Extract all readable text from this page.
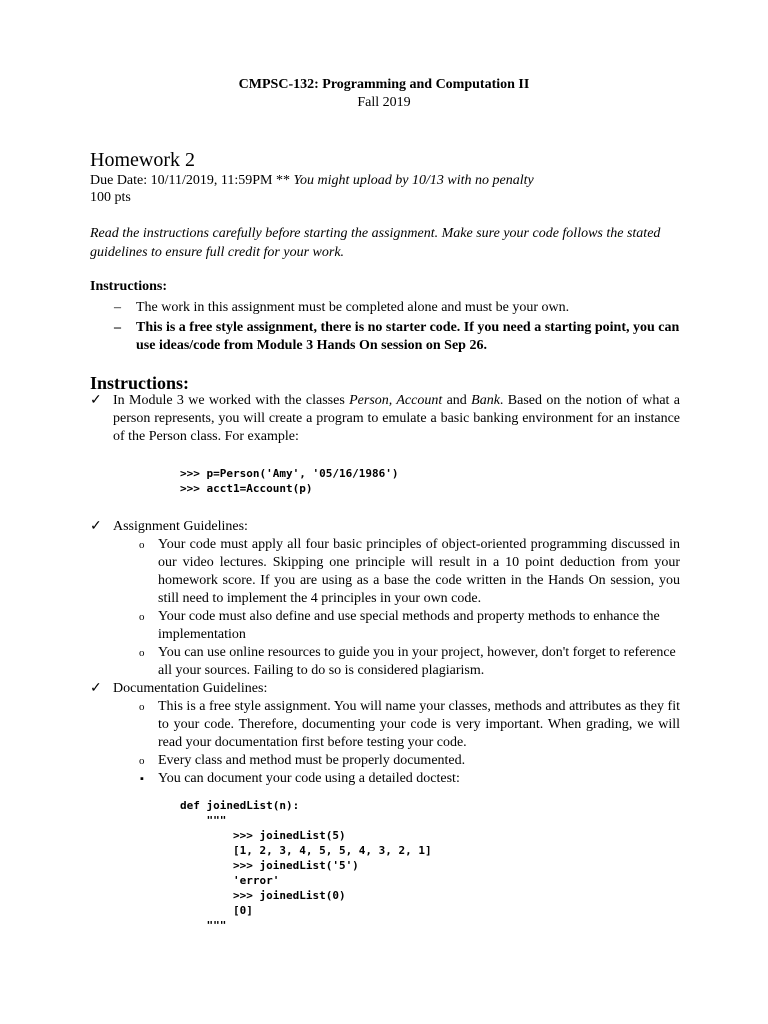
CMPSC-132: Programming and Computation II
Fall 2019
Homework 2
Due Date: 10/11/2019, 11:59PM ** You might upload by 10/13 with no penalty
100 pts
Read the instructions carefully before starting the assignment. Make sure your code follows the stated guidelines to ensure full credit for your work.
Instructions:
– The work in this assignment must be completed alone and must be your own.
– This is a free style assignment, there is no starter code. If you need a starting point, you can use ideas/code from Module 3 Hands On session on Sep 26.
Instructions:
✓ In Module 3 we worked with the classes Person, Account and Bank. Based on the notion of what a person represents, you will create a program to emulate a basic banking environment for an instance of the Person class. For example:
>>> p=Person('Amy', '05/16/1986')
>>> acct1=Account(p)
✓ Assignment Guidelines:
o Your code must apply all four basic principles of object-oriented programming discussed in our video lectures. Skipping one principle will result in a 10 point deduction from your homework score. If you are using as a base the code written in the Hands On session, you still need to implement the 4 principles in your own code.
o Your code must also define and use special methods and property methods to enhance the implementation
o You can use online resources to guide you in your project, however, don't forget to reference all your sources. Failing to do so is considered plagiarism.
✓ Documentation Guidelines:
o This is a free style assignment. You will name your classes, methods and attributes as they fit to your code. Therefore, documenting your code is very important. When grading, we will read your documentation first before testing your code.
o Every class and method must be properly documented.
▪ You can document your code using a detailed doctest:
def joinedList(n):
"""
>>> joinedList(5)
[1, 2, 3, 4, 5, 5, 4, 3, 2, 1]
>>> joinedList('5')
'error'
>>> joinedList(0)
[0]
"""
